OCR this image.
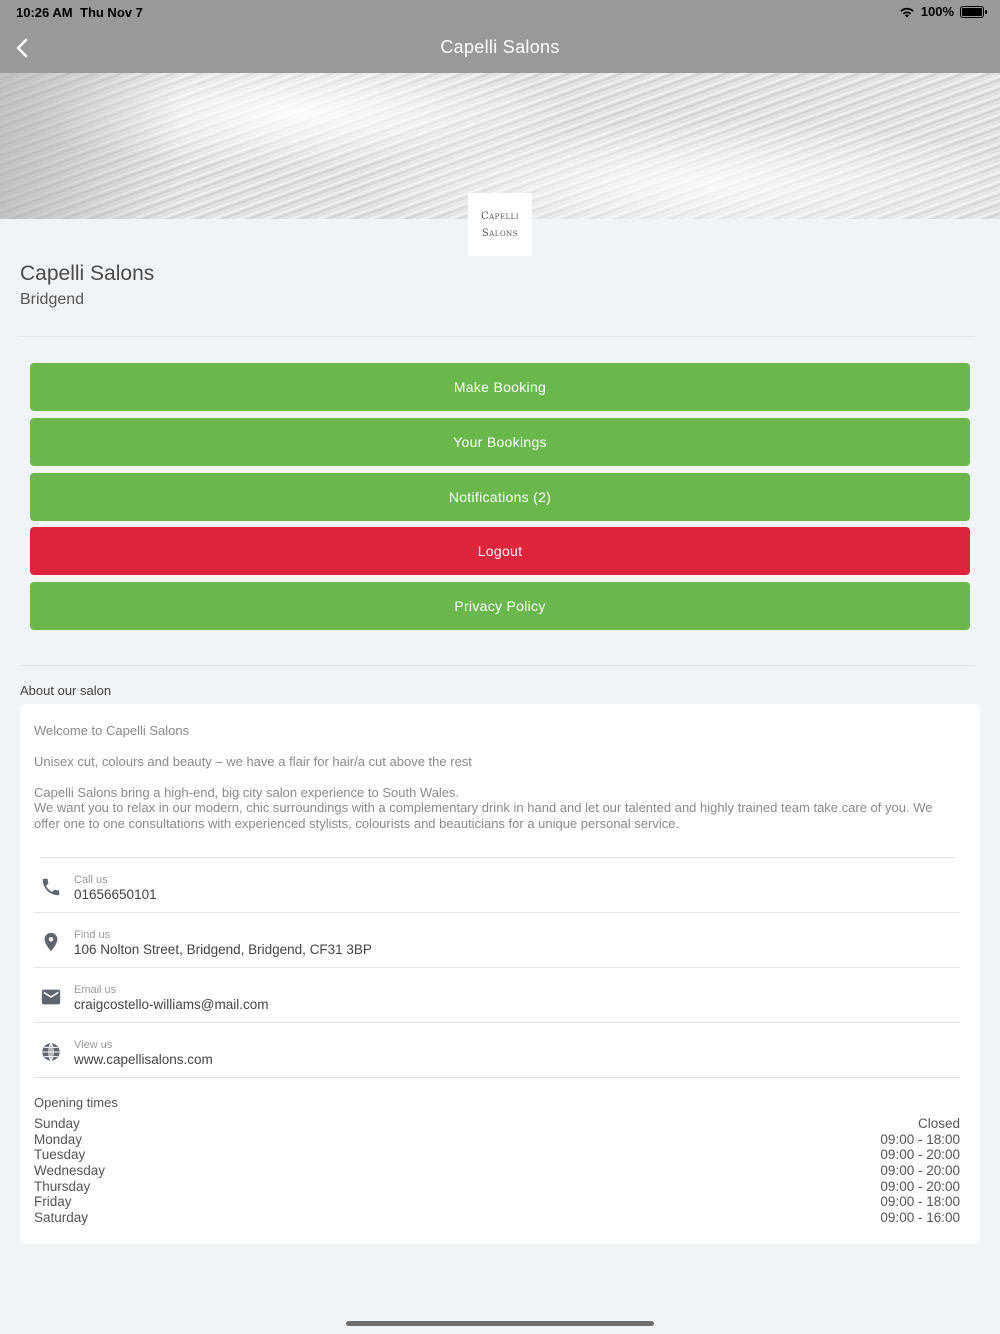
10:26 AM Thu Nov 7	100%
Capelli Salons
Capelli
Salons
Capelli Salons
Bridgend
Make Booking
Your Bookings
Notifications (2)
Logout
Privacy Policy
About our salon
Welcome to Capelli Salons
Unisex cut, colours and beauty – we have a flair for hair/a cut above the rest
Capelli Salons bring a high-end, big city salon experience to South Wales.
We want you to relax in our modern, chic surroundings with a complementary drink in hand and let our talented and highly trained team take care of you. We offer one to one consultations with experienced stylists, colourists and beauticians for a unique personal service.
Call us
01656650101
Find us
106 Nolton Street, Bridgend, Bridgend, CF31 3BP
Email us
craigcostello-williams@mail.com
View us
www.capellisalons.com
Opening times
Sunday	Closed
Monday	09:00 - 18:00
Tuesday	09:00 - 20:00
Wednesday	09:00 - 20:00
Thursday	09:00 - 20:00
Friday	09:00 - 18:00
Saturday	09:00 - 16:00
